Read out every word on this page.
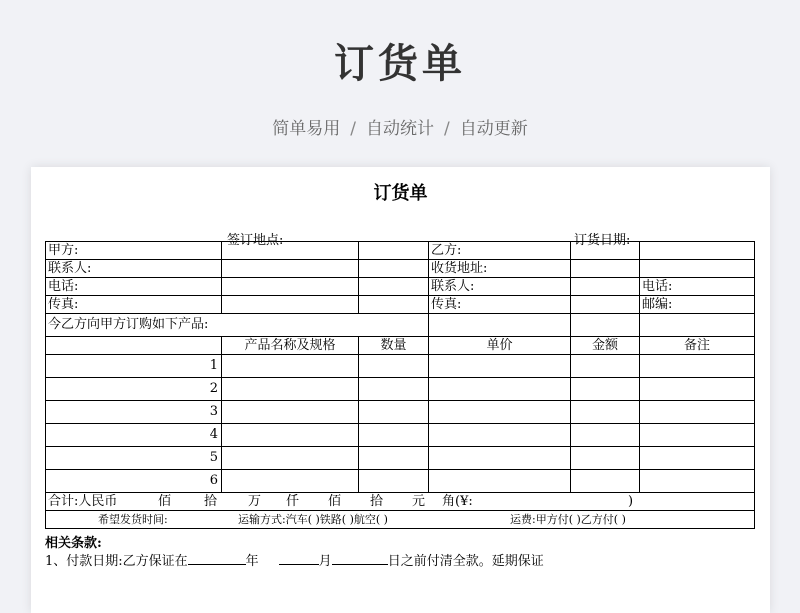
订货单
简单易用 / 自动统计 / 自动更新
订货单
签订地点:	订货日期:
甲方:			乙方:		
联系人:			收货地址:		
电话:			联系人:		电话:
传真:			传真:		邮编:
今乙方向甲方订购如下产品:					
	产品名称及规格	数量	单价	金额	备注
1					
2					
3					
4					
5					
6					
合计:人民币 佰 拾 万 仟 佰 拾 元 角(¥: )					
希望发货时间: 运输方式:汽车( )铁路( )航空( ) 运费:甲方付( )乙方付( )					
相关条款:
1、付款日期:乙方保证在	年	月	日之前付清全款。延期保证
